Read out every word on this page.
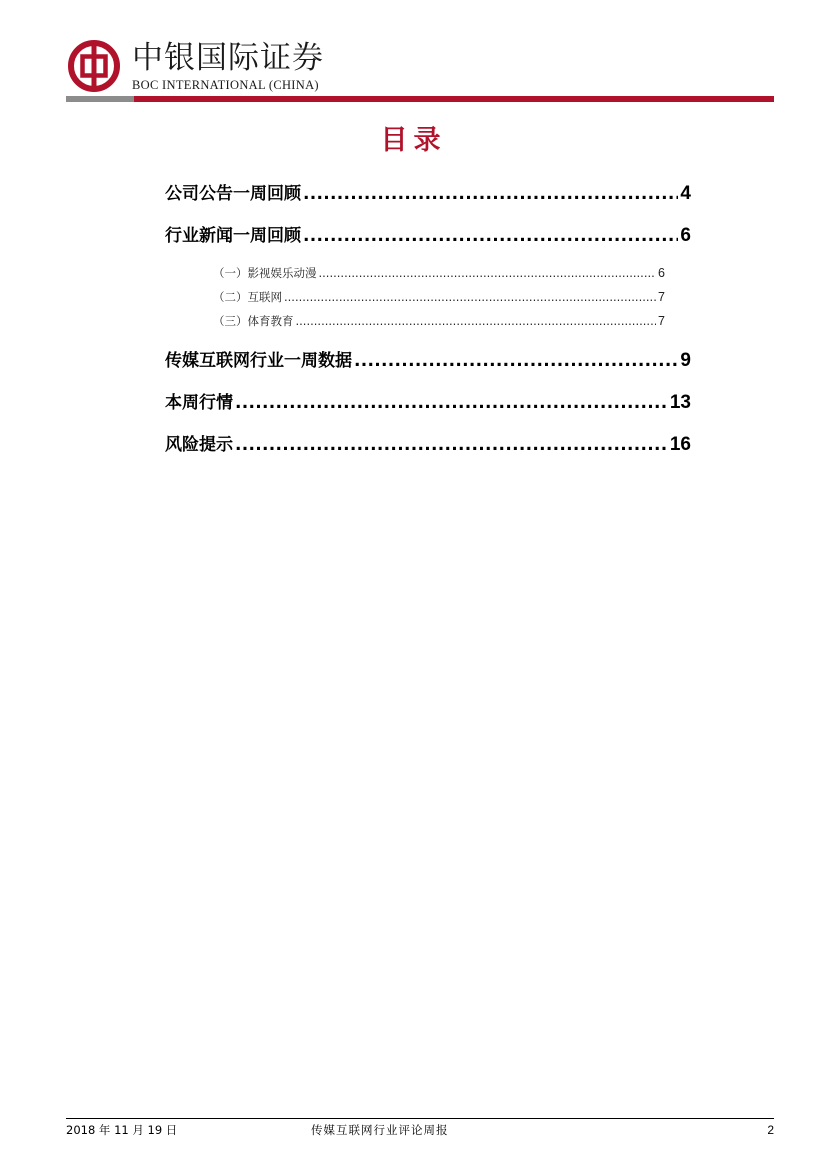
中银国际证券
BOC INTERNATIONAL (CHINA)
目录
公司公告一周回顾 .....	4
行业新闻一周回顾 .....	6
（一）影视娱乐动漫 .....	6
（二）互联网 .....	7
（三）体育教育 .....	7
传媒互联网行业一周数据 .....	9
本周行情 .....	13
风险提示 .....	16
2018 年 11 月 19 日	传媒互联网行业评论周报	2
